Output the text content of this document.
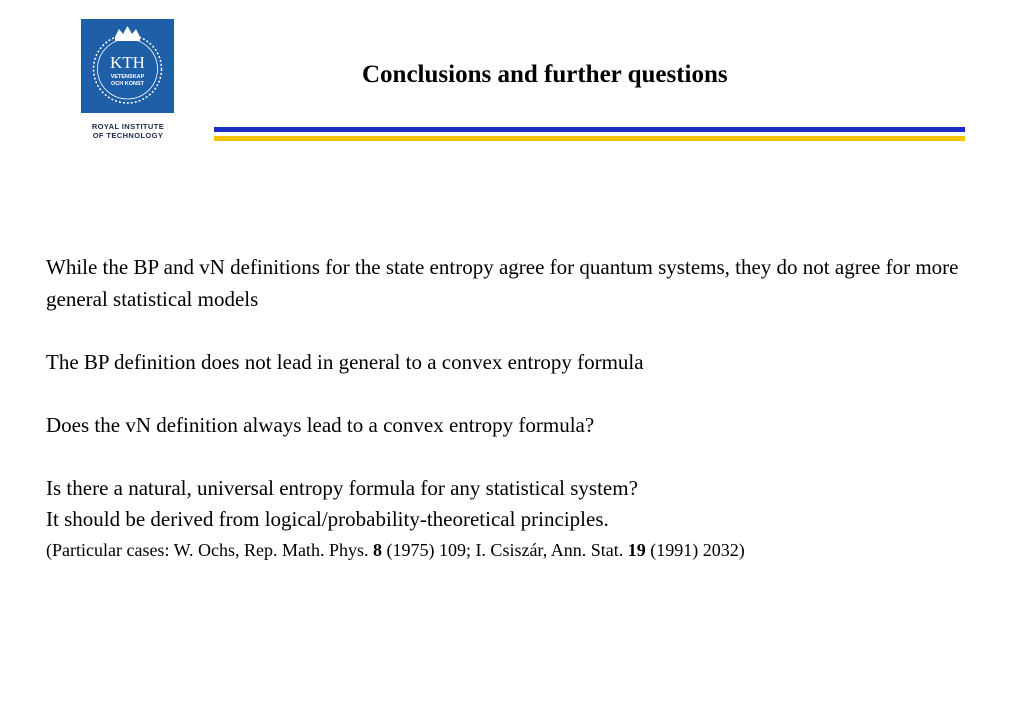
KTH
VETENSKAP
OCH KONST
ROYAL INSTITUTE
OF TECHNOLOGY
Conclusions and further questions

While the BP and vN definitions for the state entropy agree for quantum systems, they do not agree for more general statistical models

The BP definition does not lead in general to a convex entropy formula

Does the vN definition always lead to a convex entropy formula?

Is there a natural, universal entropy formula for any statistical system?

It should be derived from logical/probability-theoretical principles.

(Particular cases: W. Ochs, Rep. Math. Phys. 8 (1975) 109; I. Csiszár, Ann. Stat. 19 (1991) 2032)
